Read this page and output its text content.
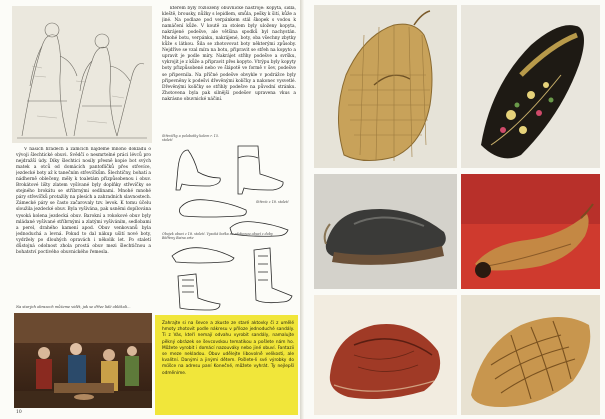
V našich hradech a zámcích najdeme mnoho dokladů o vývoji šlechtické obuvi. Svědčí o nesmrtelné práci lévců pro nejdražší údy. Díky šlechtici nosily přesně kopie bot svých matek a otců od domácích pantoflíčků přes střevíce, jezdecké boty až k tanečním střevíčkům. Šlechtičny, bohatí a nádherně oblečeny, měly k toaletám přizpůsobenou i obuv. Brokátové lišty zlatem vyšívané byly doplňky střevíčky se stejného brokátu se stříbrnými sedlinami. Mnohé mnohé páry střevíčků protažily na plesích a zahradních slavnostech. Zámecké páry se často začarovaly tzv. levok. K tomu účelu sloužila jezdecké obuv. Byla vyšívána, pak usněmi dopílována vysoká kolena jezdecká obuv. Barokní a rokokové obuv byly mládané vyšívané stříbrnými a zlatými vyšíváním, sedlobami a perel, drahého kamení apod. Obuv venkovanů byla jednoduchá a levná. Pokud to dal nákup ušití nové boty, vydržely po dlouhých opravách i několik let. Po staletí důstojná odolnost zhola prostá obuv mezi šlechtičnou a bohatství poctivého obuvnického řemesla.

Na starých obrazech můžeme vidět, jak se dříve lidé oblékali...

kterém byly rozloženy obuvnické nástroje: kopyta, šídla, kleště, brousky, nůžky s lepidlem, smůla, pešky k šití, kůže a jiné. Na podlaze pod verpánkem stál škopek s vodou k namáčení kůže. V koutě za stolem byly uloženy kopyta, nakrájené podešve, ale většina spodků byl nachystán. Mnohé botu, verpánku, nakrájené, boty, oba všechny zbytky kůže s látkou. Šila se zhotovovat boty některými způsoby. Nejdříve se vzal míra na botu, připravit se střeh na kopyto a upravit je podle míry. Nakrájet střihy podešve a svršku, vykrojit je z kůže a připravit přes kopyto. Vtrýpu byly kopyty boty přizpůsobené nebo ve šlápotě ve formě v šev, podešve se připevnila. Na příčné podešve obvykle v podrážce byly připevněny k podešvi dřevěnými kolíčky a nakonec vysvetlé. Dřevěnými kolíčky se střihly podešve na původní stránku. Zhotovena byla pak silnější podešev upravena vkus a nakrásno obuvnické náčiní.

Střevíčky a polobotky kolem r. 15. století
Střevíc z 18. století
Obojek obuvi z 18. století. Vysoká botka se zdobenou obuví z doby Bídřeny Baina arte

Zahrajte si na ševce a zkuste ze staré aktovky či z umělé hmoty zhotovit podle nákresu v příloze jednoduché sandály. Ti z Vás, kteří nemají odvahu vyrobit sandály, namalujte pěkný obrázek se ševcovskou tematikou a pošlete nám ho. Můžete vyrobit i domácí nazouváky nebo jiné obuví. Fantazii se meze nekladou. Obuv udělejte libovolně velikosti, ale kvalitní. Danými a jinými dětem. Pošlete-li své výrobky do műšce na adresu paní Konečné, můžete vyhrát. Ty nejlepší odměníme.

10
